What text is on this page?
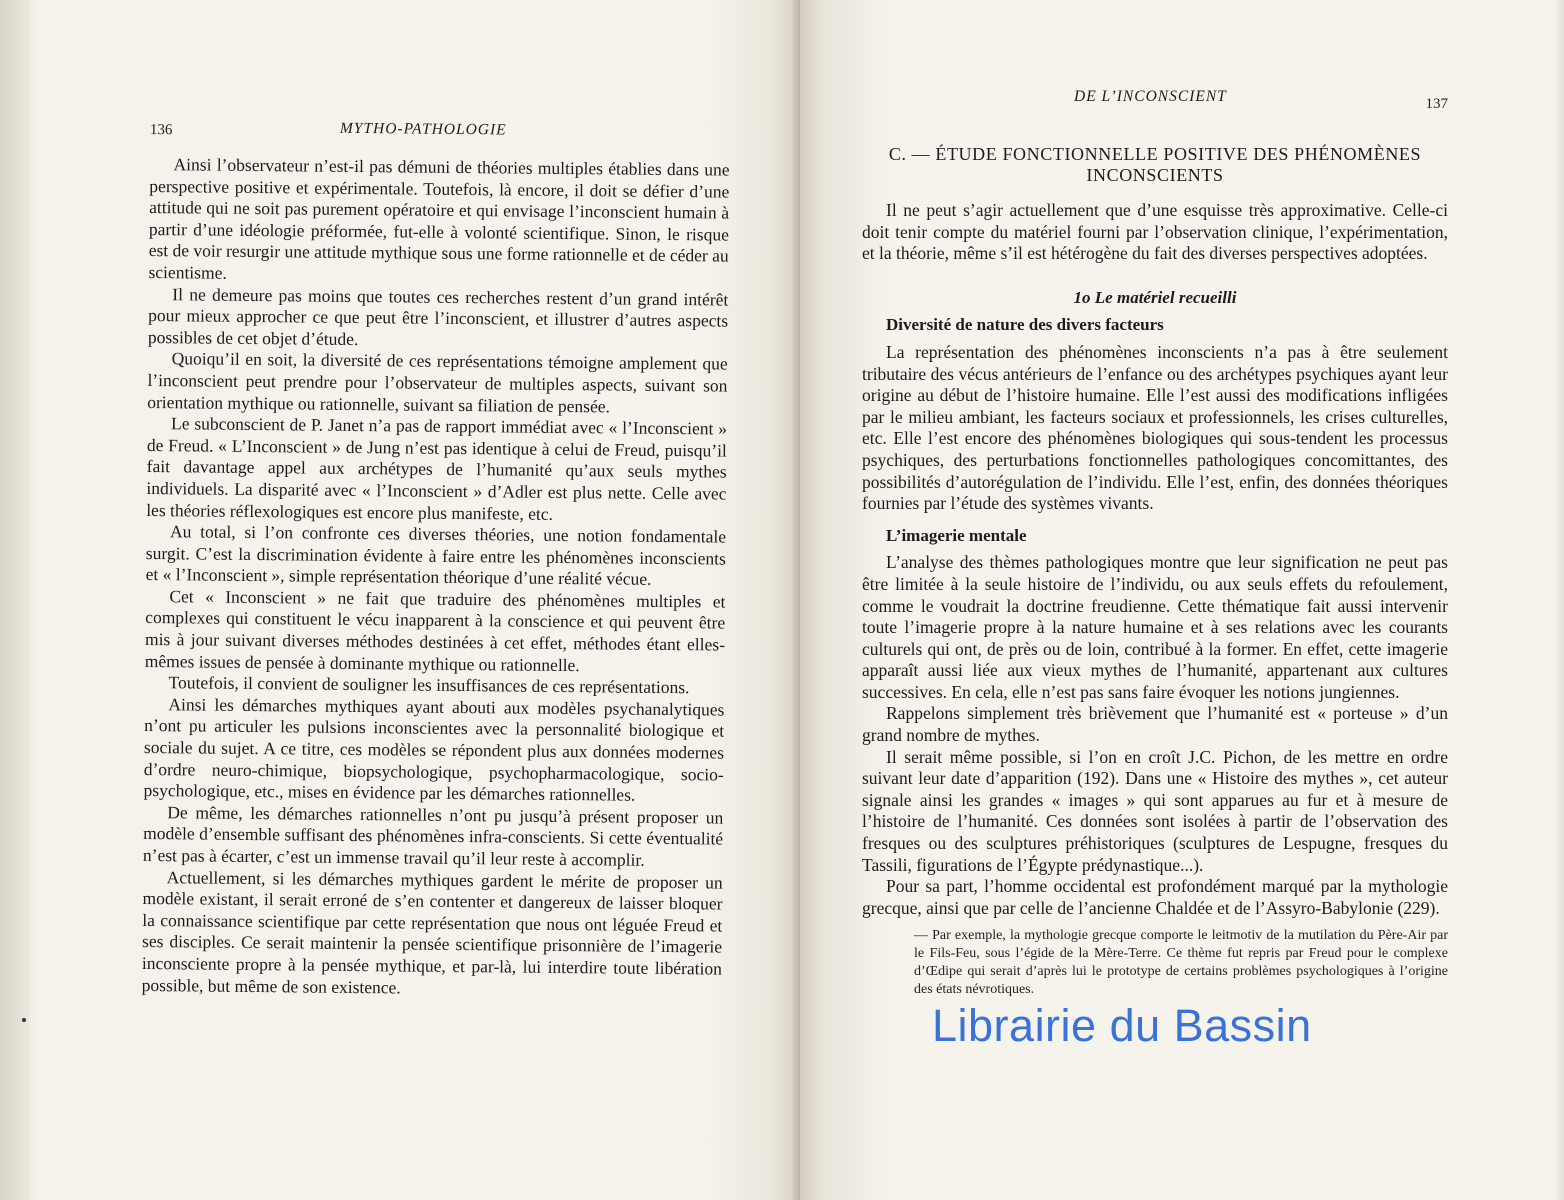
136	MYTHO-PATHOLOGIE

Ainsi l’observateur n’est-il pas démuni de théories multiples établies dans une perspective positive et expérimentale. Toutefois, là encore, il doit se défier d’une attitude qui ne soit pas purement opératoire et qui envisage l’inconscient humain à partir d’une idéologie préformée, fut-elle à volonté scientifique. Sinon, le risque est de voir resurgir une attitude mythique sous une forme rationnelle et de céder au scientisme.

Il ne demeure pas moins que toutes ces recherches restent d’un grand intérêt pour mieux approcher ce que peut être l’inconscient, et illustrer d’autres aspects possibles de cet objet d’étude.

Quoiqu’il en soit, la diversité de ces représentations témoigne amplement que l’inconscient peut prendre pour l’observateur de multiples aspects, suivant son orientation mythique ou rationnelle, suivant sa filiation de pensée.

Le subconscient de P. Janet n’a pas de rapport immédiat avec « l’Inconscient » de Freud. « L’Inconscient » de Jung n’est pas identique à celui de Freud, puisqu’il fait davantage appel aux archétypes de l’humanité qu’aux seuls mythes individuels. La disparité avec « l’Inconscient » d’Adler est plus nette. Celle avec les théories réflexologiques est encore plus manifeste, etc.

Au total, si l’on confronte ces diverses théories, une notion fondamentale surgit. C’est la discrimination évidente à faire entre les phénomènes inconscients et « l’Inconscient », simple représentation théorique d’une réalité vécue.

Cet « Inconscient » ne fait que traduire des phénomènes multiples et complexes qui constituent le vécu inapparent à la conscience et qui peuvent être mis à jour suivant diverses méthodes destinées à cet effet, méthodes étant elles-mêmes issues de pensée à dominante mythique ou rationnelle.

Toutefois, il convient de souligner les insuffisances de ces représentations.

Ainsi les démarches mythiques ayant abouti aux modèles psychanalytiques n’ont pu articuler les pulsions inconscientes avec la personnalité biologique et sociale du sujet. A ce titre, ces modèles se répondent plus aux données modernes d’ordre neuro-chimique, biopsychologique, psychopharmacologique, socio-psychologique, etc., mises en évidence par les démarches rationnelles.

De même, les démarches rationnelles n’ont pu jusqu’à présent proposer un modèle d’ensemble suffisant des phénomènes infra-conscients. Si cette éventualité n’est pas à écarter, c’est un immense travail qu’il leur reste à accomplir.

Actuellement, si les démarches mythiques gardent le mérite de proposer un modèle existant, il serait erroné de s’en contenter et dangereux de laisser bloquer la connaissance scientifique par cette représentation que nous ont léguée Freud et ses disciples. Ce serait maintenir la pensée scientifique prisonnière de l’imagerie inconsciente propre à la pensée mythique, et par-là, lui interdire toute libération possible, but même de son existence.

DE L’INCONSCIENT	137
C. — ÉTUDE FONCTIONNELLE POSITIVE DES PHÉNOMÈNES INCONSCIENTS

Il ne peut s’agir actuellement que d’une esquisse très approximative. Celle-ci doit tenir compte du matériel fourni par l’observation clinique, l’expérimentation, et la théorie, même s’il est hétérogène du fait des diverses perspectives adoptées.

1o Le matériel recueilli
Diversité de nature des divers facteurs

La représentation des phénomènes inconscients n’a pas à être seulement tributaire des vécus antérieurs de l’enfance ou des archétypes psychiques ayant leur origine au début de l’histoire humaine. Elle l’est aussi des modifications infligées par le milieu ambiant, les facteurs sociaux et professionnels, les crises culturelles, etc. Elle l’est encore des phénomènes biologiques qui sous-tendent les processus psychiques, des perturbations fonctionnelles pathologiques concomittantes, des possibilités d’autorégulation de l’individu. Elle l’est, enfin, des données théoriques fournies par l’étude des systèmes vivants.

L’imagerie mentale

L’analyse des thèmes pathologiques montre que leur signification ne peut pas être limitée à la seule histoire de l’individu, ou aux seuls effets du refoulement, comme le voudrait la doctrine freudienne. Cette thématique fait aussi intervenir toute l’imagerie propre à la nature humaine et à ses relations avec les courants culturels qui ont, de près ou de loin, contribué à la former. En effet, cette imagerie apparaît aussi liée aux vieux mythes de l’humanité, appartenant aux cultures successives. En cela, elle n’est pas sans faire évoquer les notions jungiennes.

Rappelons simplement très brièvement que l’humanité est « porteuse » d’un grand nombre de mythes.

Il serait même possible, si l’on en croît J.C. Pichon, de les mettre en ordre suivant leur date d’apparition (192). Dans une « Histoire des mythes », cet auteur signale ainsi les grandes « images » qui sont apparues au fur et à mesure de l’histoire de l’humanité. Ces données sont isolées à partir de l’observation des fresques ou des sculptures préhistoriques (sculptures de Lespugne, fresques du Tassili, figurations de l’Égypte prédynastique...).

Pour sa part, l’homme occidental est profondément marqué par la mythologie grecque, ainsi que par celle de l’ancienne Chaldée et de l’Assyro-Babylonie (229).

— Par exemple, la mythologie grecque comporte le leitmotiv de la mutilation du Père-Air par le Fils-Feu, sous l’égide de la Mère-Terre. Ce thème fut repris par Freud pour le complexe d’Œdipe qui serait d’après lui le prototype de certains problèmes psychologiques à l’origine des états névrotiques.
Librairie du Bassin
